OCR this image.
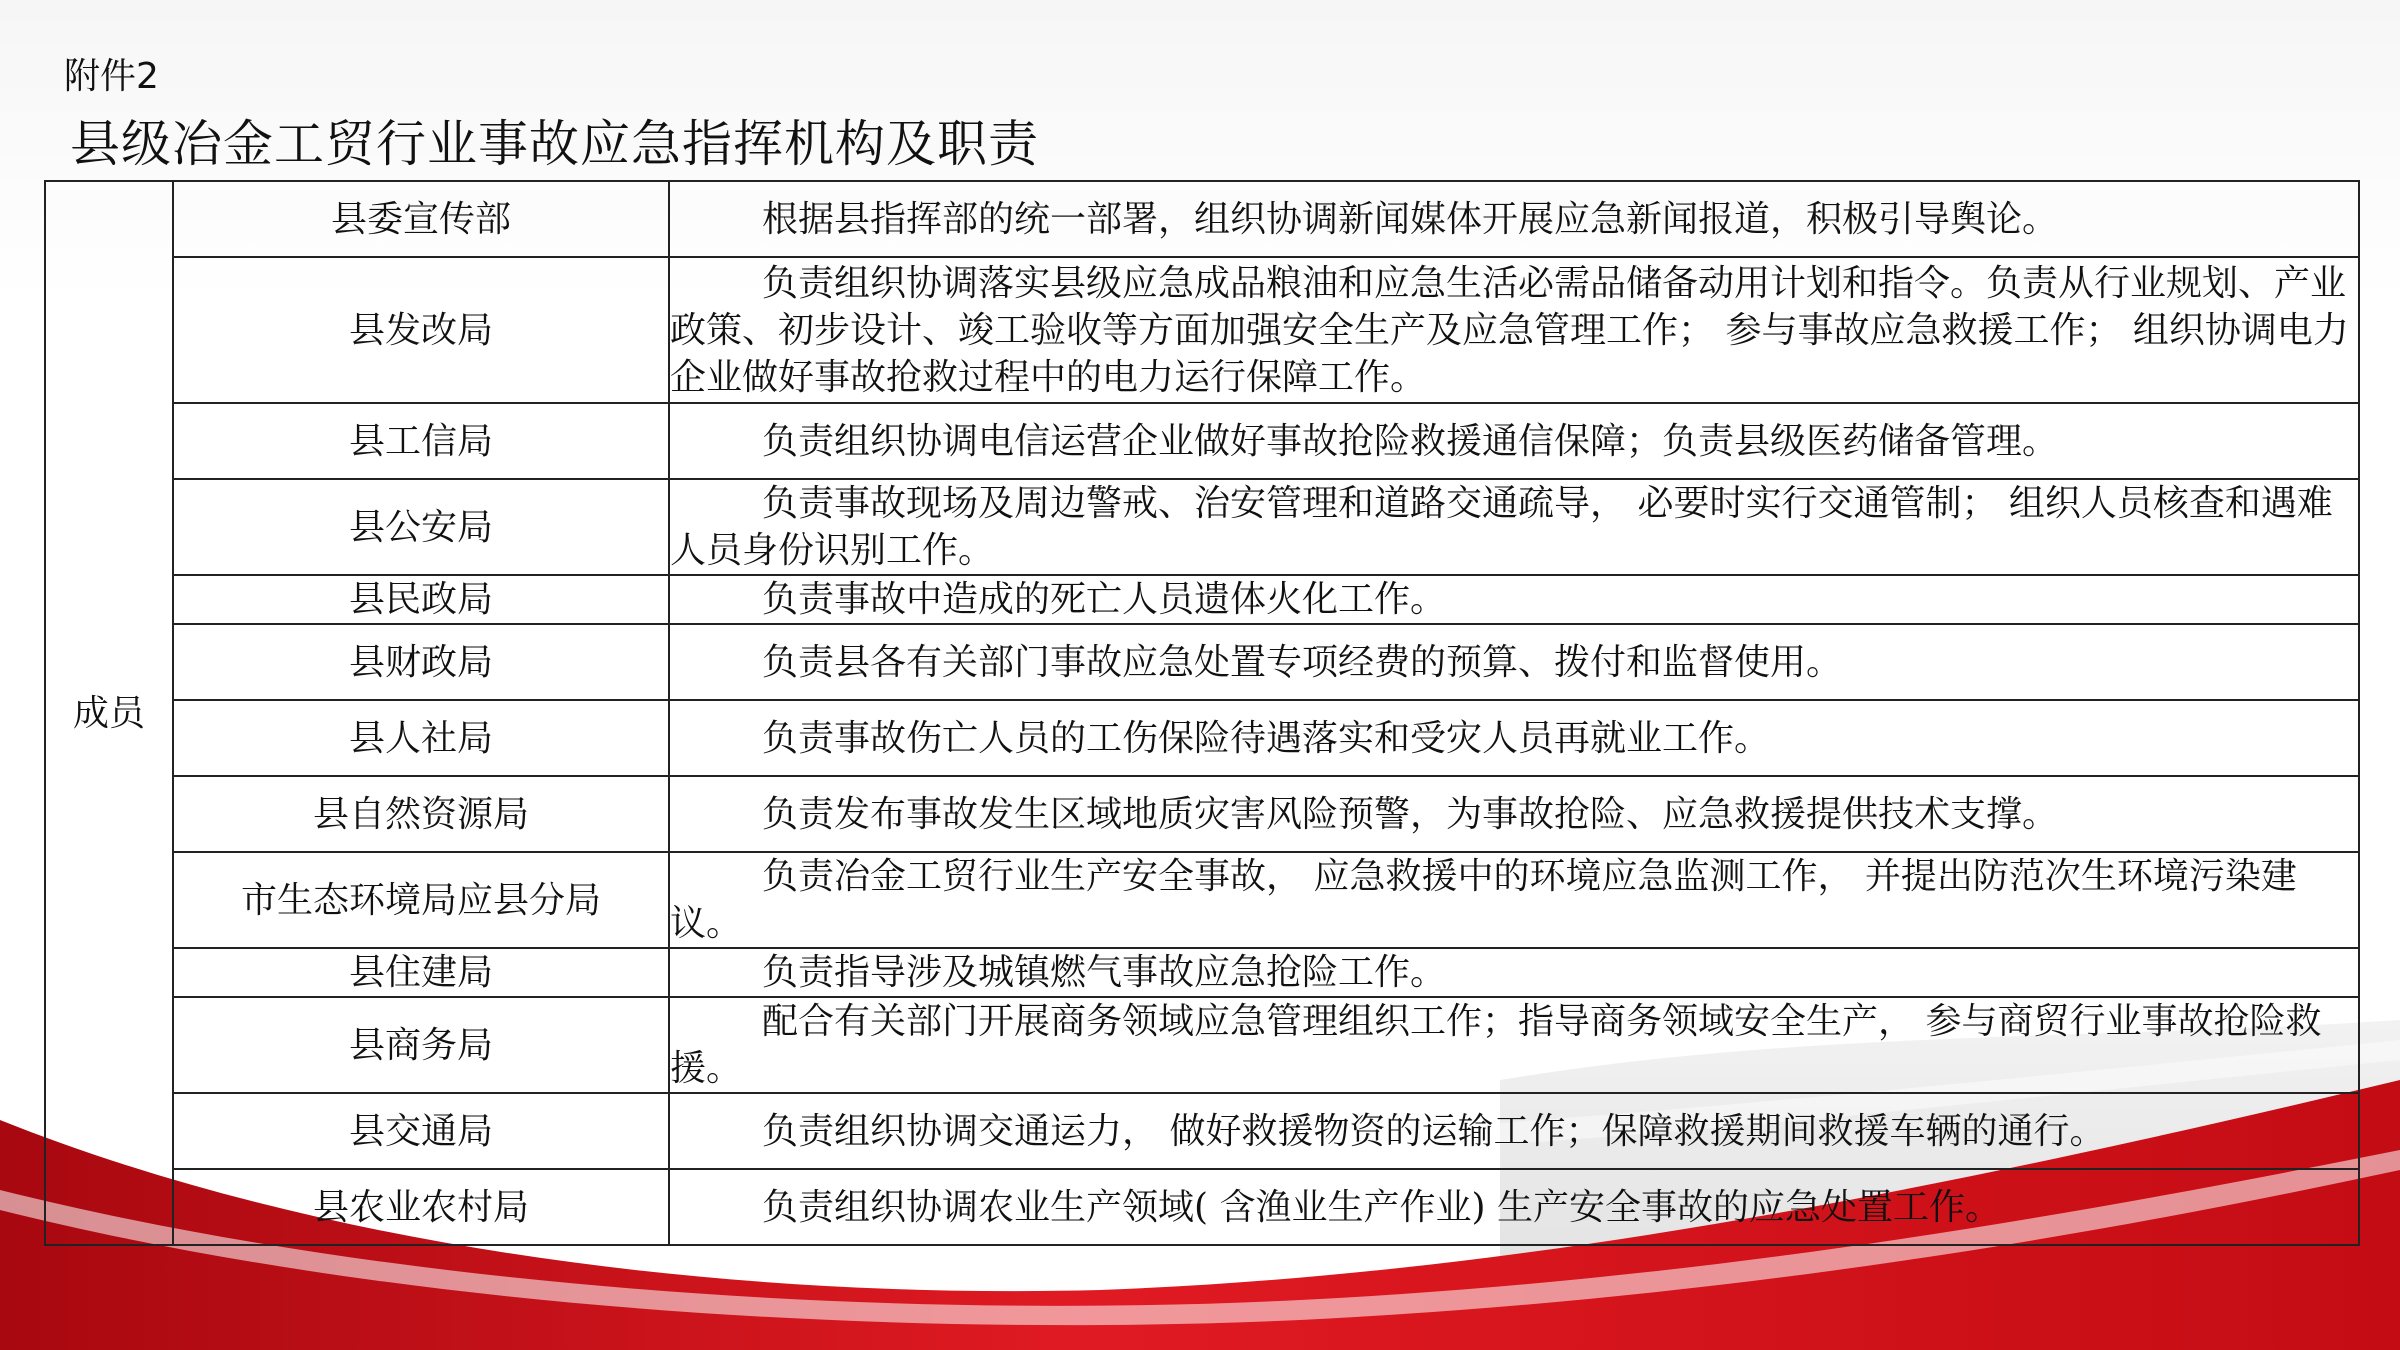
附件2
县级冶金工贸行业事故应急指挥机构及职责
成员	县委宣传部	根据县指挥部的统一部署，组织协调新闻媒体开展应急新闻报道，积极引导舆论。
	县发改局	负责组织协调落实县级应急成品粮油和应急生活必需品储备动用计划和指令。负责从行业规划、产业政策、初步设计、竣工验收等方面加强安全生产及应急管理工作； 参与事故应急救援工作； 组织协调电力企业做好事故抢救过程中的电力运行保障工作。
	县工信局	负责组织协调电信运营企业做好事故抢险救援通信保障；负责县级医药储备管理。
	县公安局	负责事故现场及周边警戒、治安管理和道路交通疏导， 必要时实行交通管制； 组织人员核查和遇难人员身份识别工作。
	县民政局	负责事故中造成的死亡人员遗体火化工作。
	县财政局	负责县各有关部门事故应急处置专项经费的预算、拨付和监督使用。
	县人社局	负责事故伤亡人员的工伤保险待遇落实和受灾人员再就业工作。
	县自然资源局	负责发布事故发生区域地质灾害风险预警，为事故抢险、应急救援提供技术支撑。
	市生态环境局应县分局	负责冶金工贸行业生产安全事故， 应急救援中的环境应急监测工作， 并提出防范次生环境污染建议。
	县住建局	负责指导涉及城镇燃气事故应急抢险工作。
	县商务局	配合有关部门开展商务领域应急管理组织工作；指导商务领域安全生产， 参与商贸行业事故抢险救援。
	县交通局	负责组织协调交通运力， 做好救援物资的运输工作；保障救援期间救援车辆的通行。
	县农业农村局	负责组织协调农业生产领域( 含渔业生产作业) 生产安全事故的应急处置工作。
